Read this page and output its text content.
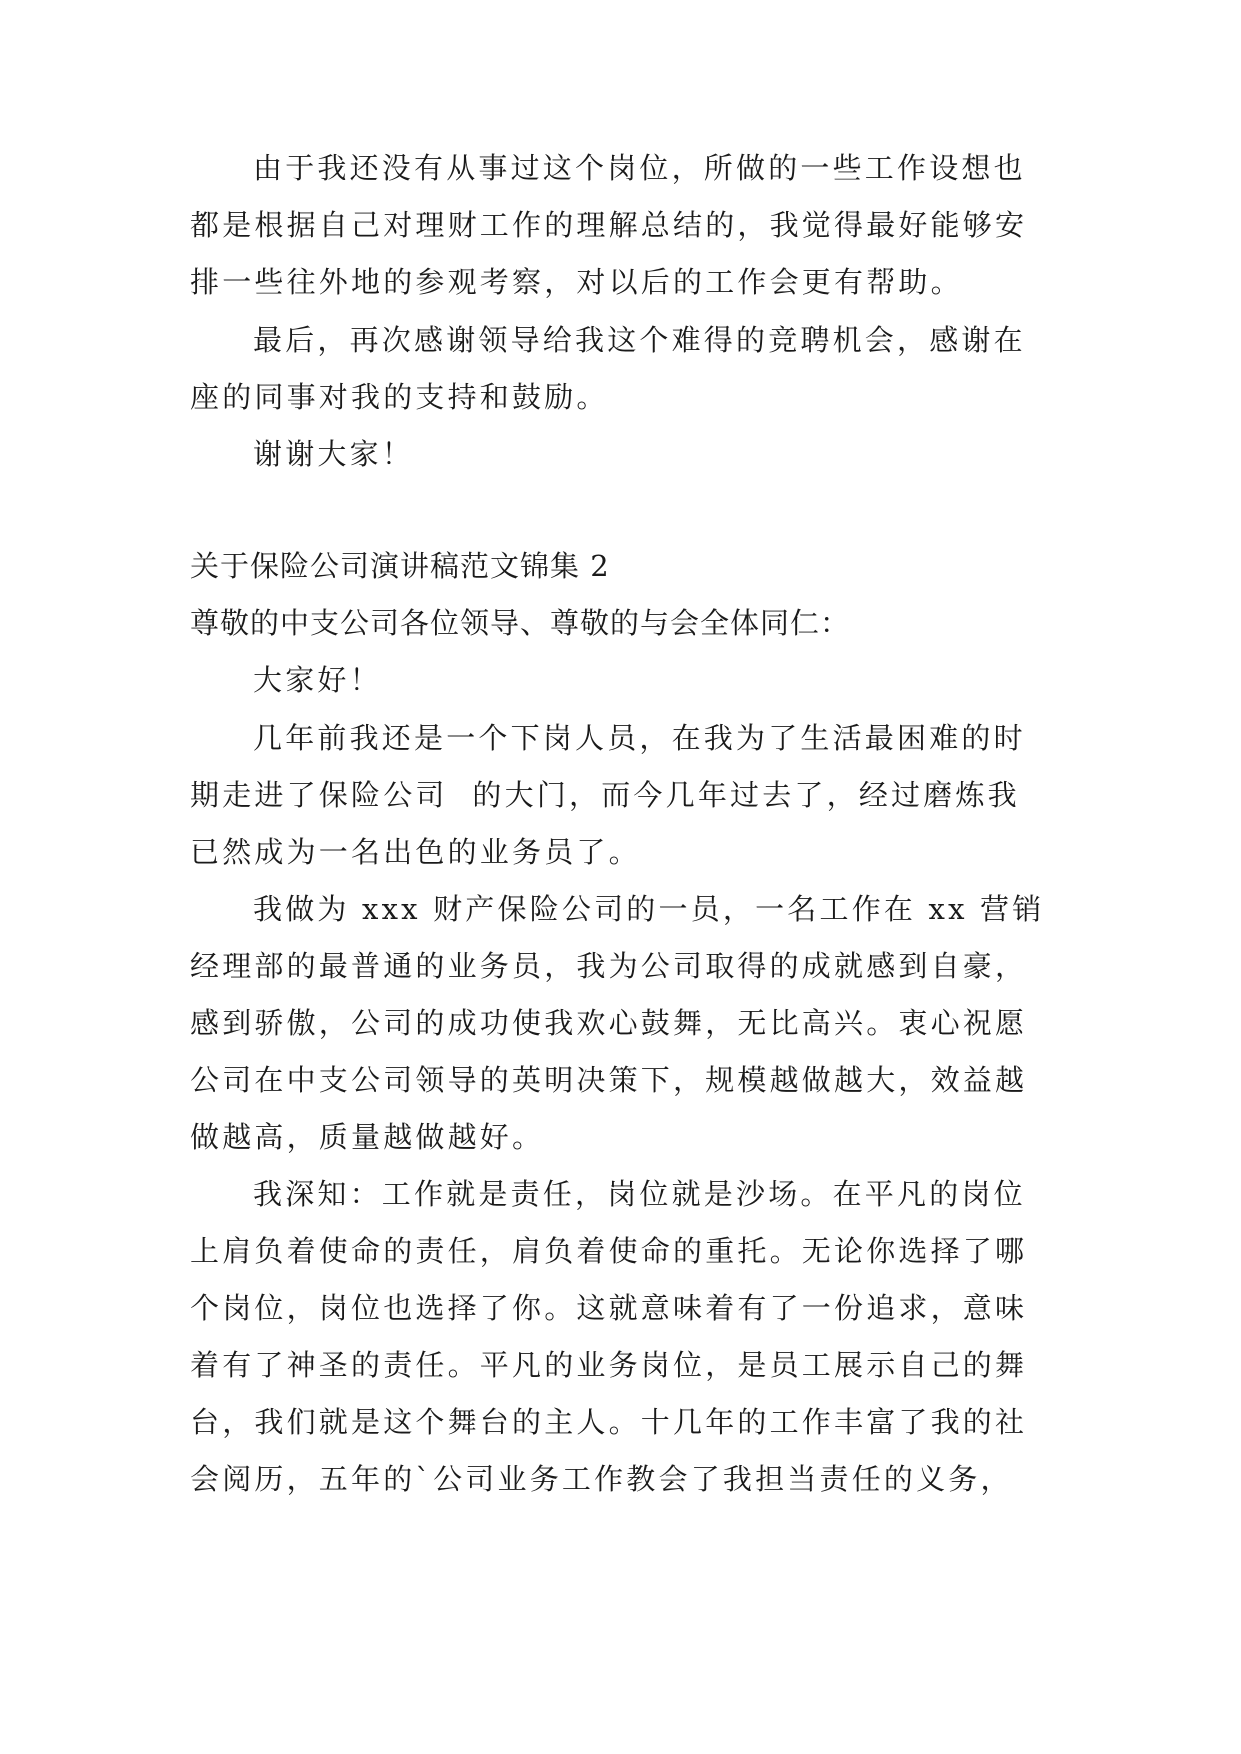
由于我还没有从事过这个岗位，所做的一些工作设想也
都是根据自己对理财工作的理解总结的，我觉得最好能够安
排一些往外地的参观考察，对以后的工作会更有帮助。
最后，再次感谢领导给我这个难得的竞聘机会，感谢在
座的同事对我的支持和鼓励。
谢谢大家！
关于保险公司演讲稿范文锦集 2
尊敬的中支公司各位领导、尊敬的与会全体同仁：
大家好！
几年前我还是一个下岗人员，在我为了生活最困难的时
期走进了保险公司  的大门，而今几年过去了，经过磨炼我
已然成为一名出色的业务员了。
我做为 xxx 财产保险公司的一员，一名工作在 xx 营销
经理部的最普通的业务员，我为公司取得的成就感到自豪，
感到骄傲，公司的成功使我欢心鼓舞，无比高兴。衷心祝愿
公司在中支公司领导的英明决策下，规模越做越大，效益越
做越高，质量越做越好。
我深知：工作就是责任，岗位就是沙场。在平凡的岗位
上肩负着使命的责任，肩负着使命的重托。无论你选择了哪
个岗位，岗位也选择了你。这就意味着有了一份追求，意味
着有了神圣的责任。平凡的业务岗位，是员工展示自己的舞
台，我们就是这个舞台的主人。十几年的工作丰富了我的社
会阅历，五年的`公司业务工作教会了我担当责任的义务，
